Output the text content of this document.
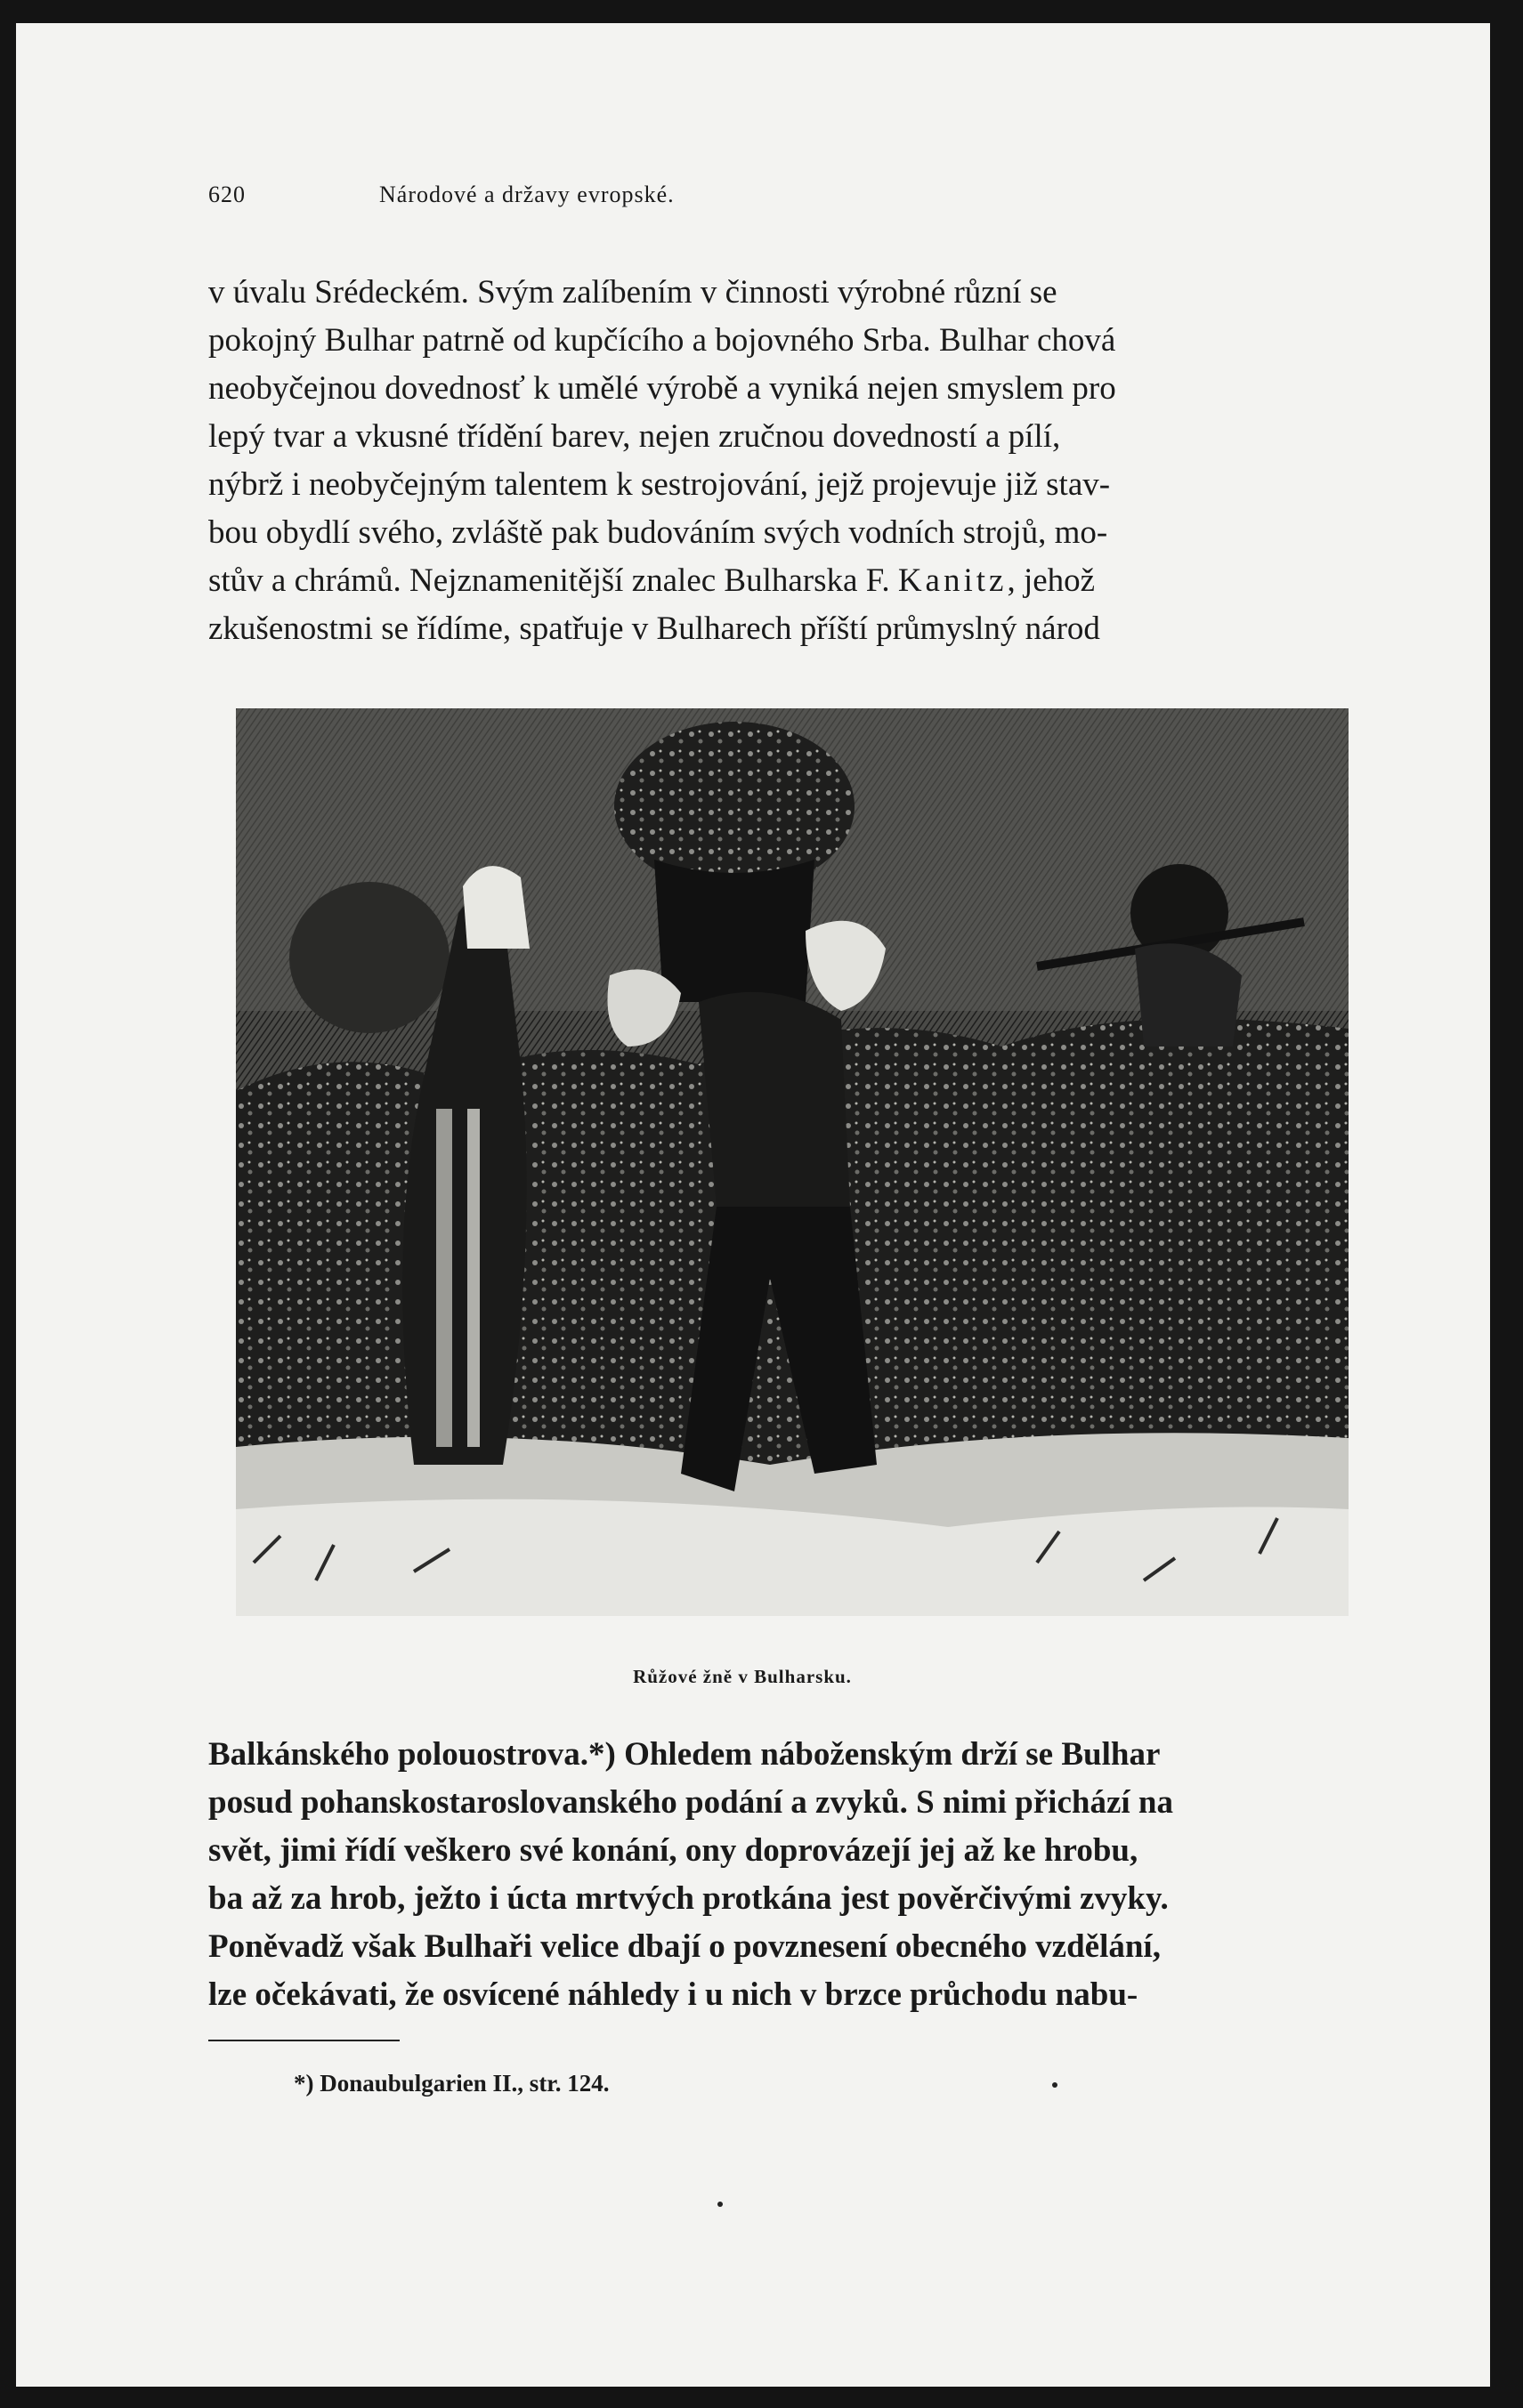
620	Národové a državy evropské.
v úvalu Srédeckém. Svým zalíbením v činnosti výrobné různí se
pokojný Bulhar patrně od kupčícího a bojovného Srba. Bulhar chová
neobyčejnou dovednosť k umělé výrobě a vyniká nejen smyslem pro
lepý tvar a vkusné třídění barev, nejen zručnou dovedností a pílí,
nýbrž i neobyčejným talentem k sestrojování, jejž projevuje již stav-
bou obydlí svého, zvláště pak budováním svých vodních strojů, mo-
stův a chrámů. Nejznamenitější znalec Bulharska F. Kanitz, jehož
zkušenostmi se řídíme, spatřuje v Bulharech příští průmyslný národ
Růžové žně v Bulharsku.
Balkánského polouostrova.*) Ohledem náboženským drží se Bulhar
posud pohanskostaroslovanského podání a zvyků. S nimi přichází na
svět, jimi řídí veškero své konání, ony doprovázejí jej až ke hrobu,
ba až za hrob, ježto i úcta mrtvých protkána jest pověrčivými zvyky.
Poněvadž však Bulhaři velice dbají o povznesení obecného vzdělání,
lze očekávati, že osvícené náhledy i u nich v brzce průchodu nabu-
*) Donaubulgarien II., str. 124.
